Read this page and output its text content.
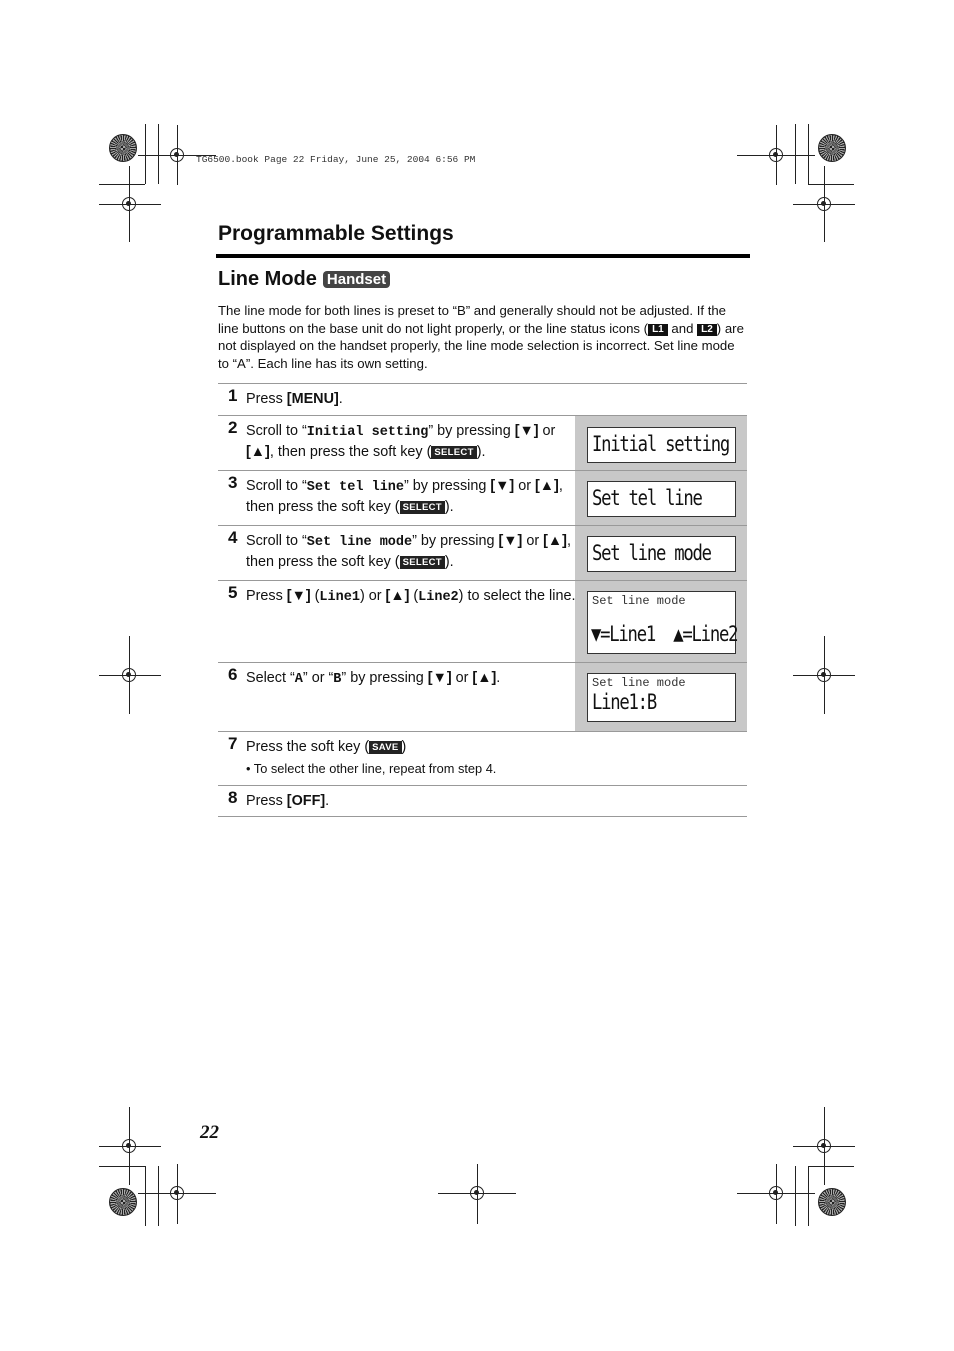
TG6500.book Page 22 Friday, June 25, 2004 6:56 PM
Programmable Settings
Line Mode Handset
The line mode for both lines is preset to “B” and generally should not be adjusted. If the line buttons on the base unit do not light properly, or the line status icons ( L1 and L2 ) are not displayed on the handset properly, the line mode selection is incorrect. Set line mode to “A”. Each line has its own setting.
1 Press [MENU].
2 Scroll to “Initial setting” by pressing [▼] or [▲], then press the soft key ( SELECT ).	Initial setting
3 Scroll to “Set tel line” by pressing [▼] or [▲], then press the soft key ( SELECT ).	Set tel line
4 Scroll to “Set line mode” by pressing [▼] or [▲], then press the soft key ( SELECT ).	Set line mode
5 Press [▼] (Line1) or [▲] (Line2) to select the line. Set line mode
▼=Line1 ▲=Line2
6 Select “A” or “B” by pressing [▼] or [▲].	Set line mode
Line1:B
7 Press the soft key ( SAVE )
• To select the other line, repeat from step 4.
8 Press [OFF].
22
